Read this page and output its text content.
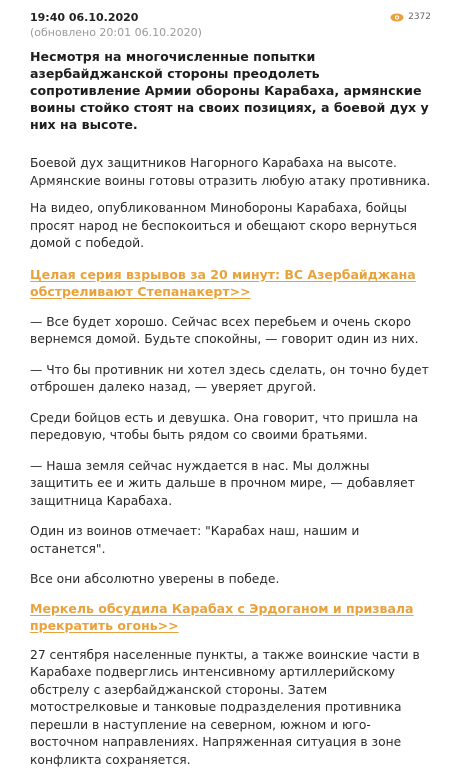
19:40 06.10.2020
(обновлено 20:01 06.10.2020)
2372
Несмотря на многочисленные попытки азербайджанской стороны преодолеть сопротивление Армии обороны Карабаха, армянские воины стойко стоят на своих позициях, а боевой дух у них на высоте.

Боевой дух защитников Нагорного Карабаха на высоте. Армянские воины готовы отразить любую атаку противника.

На видео, опубликованном Минобороны Карабаха, бойцы просят народ не беспокоиться и обещают скоро вернуться домой с победой.

Целая серия взрывов за 20 минут: ВС Азербайджана обстреливают Степанакерт>>

— Все будет хорошо. Сейчас всех перебьем и очень скоро вернемся домой. Будьте спокойны, — говорит один из них.

— Что бы противник ни хотел здесь сделать, он точно будет отброшен далеко назад, — уверяет другой.

Среди бойцов есть и девушка. Она говорит, что пришла на передовую, чтобы быть рядом со своими братьями.

— Наша земля сейчас нуждается в нас. Мы должны защитить ее и жить дальше в прочном мире, — добавляет защитница Карабаха.

Один из воинов отмечает: "Карабах наш, нашим и останется".

Все они абсолютно уверены в победе.

Меркель обсудила Карабах с Эрдоганом и призвала прекратить огонь>>

27 сентября населенные пункты, а также воинские части в Карабахе подверглись интенсивному артиллерийскому обстрелу с азербайджанской стороны. Затем мотострелковые и танковые подразделения противника перешли в наступление на северном, южном и юго-восточном направлениях. Напряженная ситуация в зоне конфликта сохраняется.
